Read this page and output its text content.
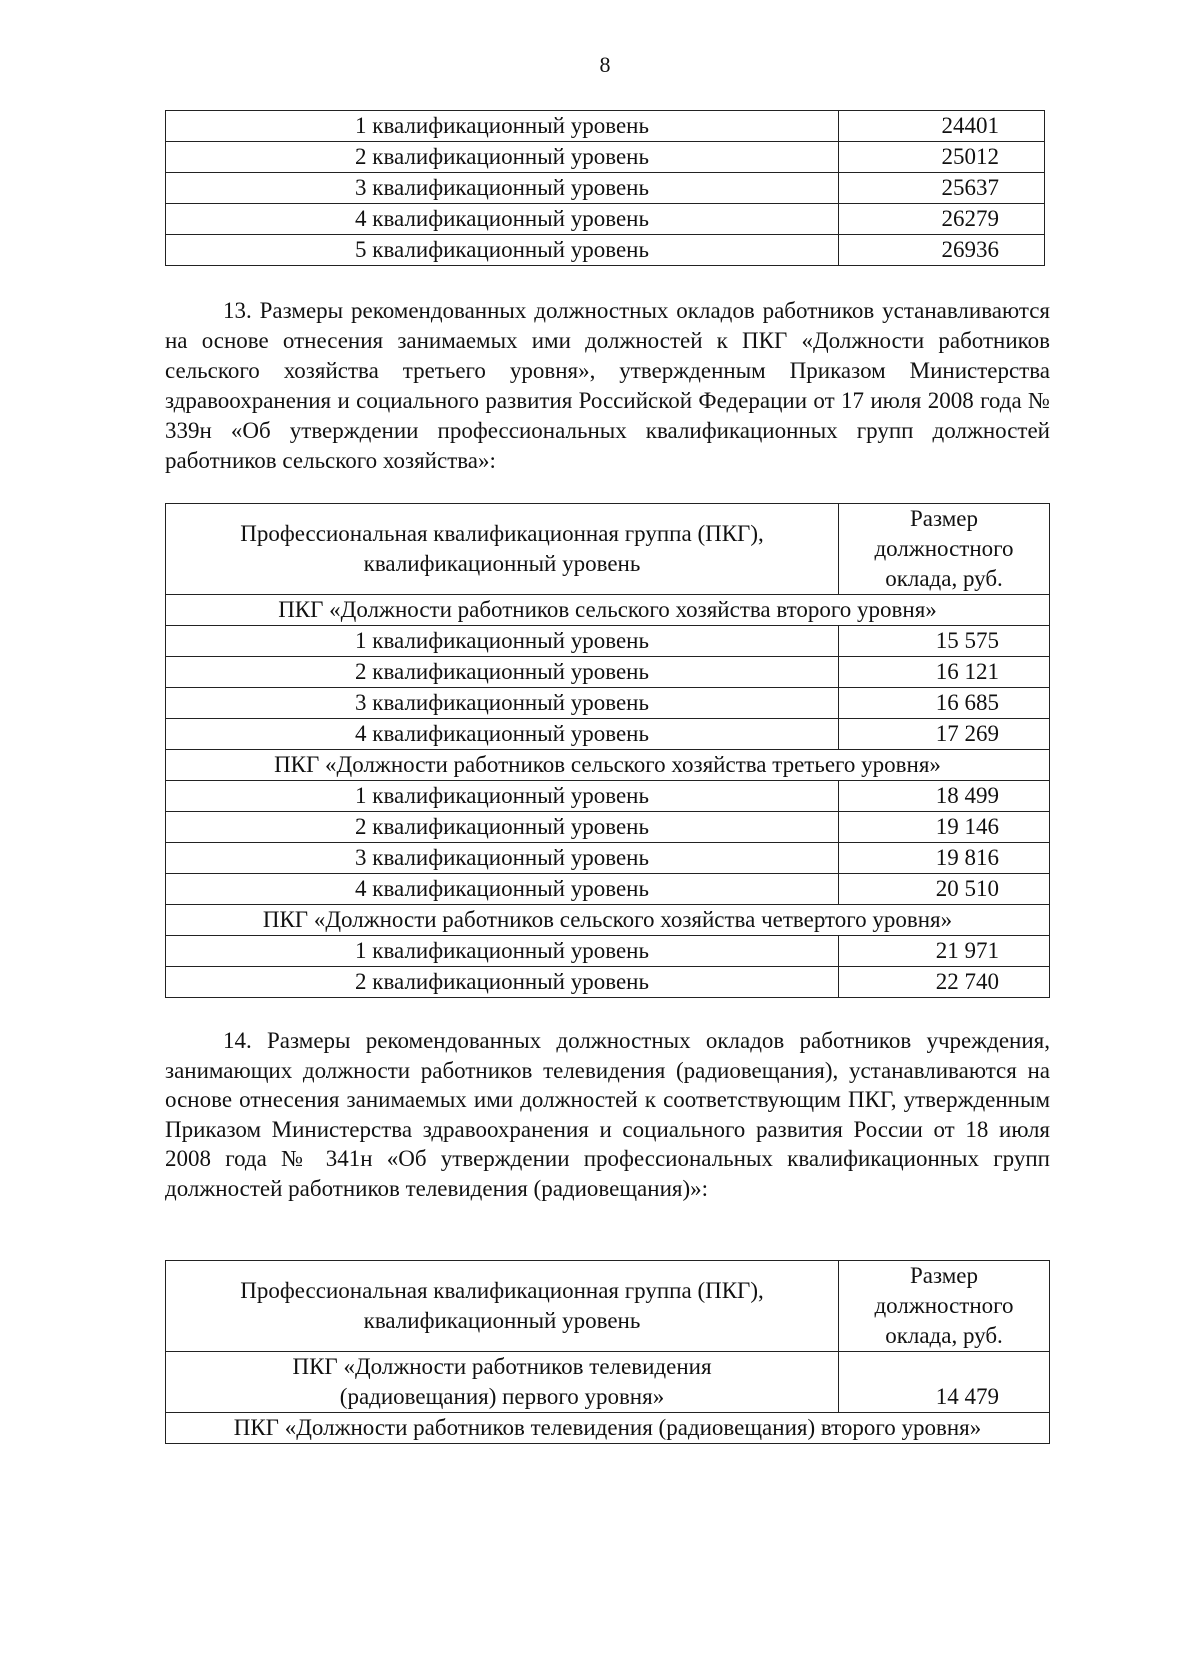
8
1 квалификационный уровень	24401
2 квалификационный уровень	25012
3 квалификационный уровень	25637
4 квалификационный уровень	26279
5 квалификационный уровень	26936
13. Размеры рекомендованных должностных окладов работников устанавливаются на основе отнесения занимаемых ими должностей к ПКГ «Должности работников сельского хозяйства третьего уровня», утвержденным Приказом Министерства здравоохранения и социального развития Российской Федерации от 17 июля 2008 года № 339н «Об утверждении профессиональных квалификационных групп должностей работников сельского хозяйства»:
Профессиональная квалификационная группа (ПКГ), квалификационный уровень	Размер должностного оклада, руб.
ПКГ «Должности работников сельского хозяйства второго уровня»	
1 квалификационный уровень	15 575
2 квалификационный уровень	16 121
3 квалификационный уровень	16 685
4 квалификационный уровень	17 269
ПКГ «Должности работников сельского хозяйства третьего уровня»	
1 квалификационный уровень	18 499
2 квалификационный уровень	19 146
3 квалификационный уровень	19 816
4 квалификационный уровень	20 510
ПКГ «Должности работников сельского хозяйства четвертого уровня»	
1 квалификационный уровень	21 971
2 квалификационный уровень	22 740
14. Размеры рекомендованных должностных окладов работников учреждения, занимающих должности работников телевидения (радиовещания), устанавливаются на основе отнесения занимаемых ими должностей к соответствующим ПКГ, утвержденным Приказом Министерства здравоохранения и социального развития России от 18 июля 2008 года № 341н «Об утверждении профессиональных квалификационных групп должностей работников телевидения (радиовещания)»:
Профессиональная квалификационная группа (ПКГ), квалификационный уровень	Размер должностного оклада, руб.
ПКГ «Должности работников телевидения (радиовещания) первого уровня»	14 479
ПКГ «Должности работников телевидения (радиовещания) второго уровня»	
